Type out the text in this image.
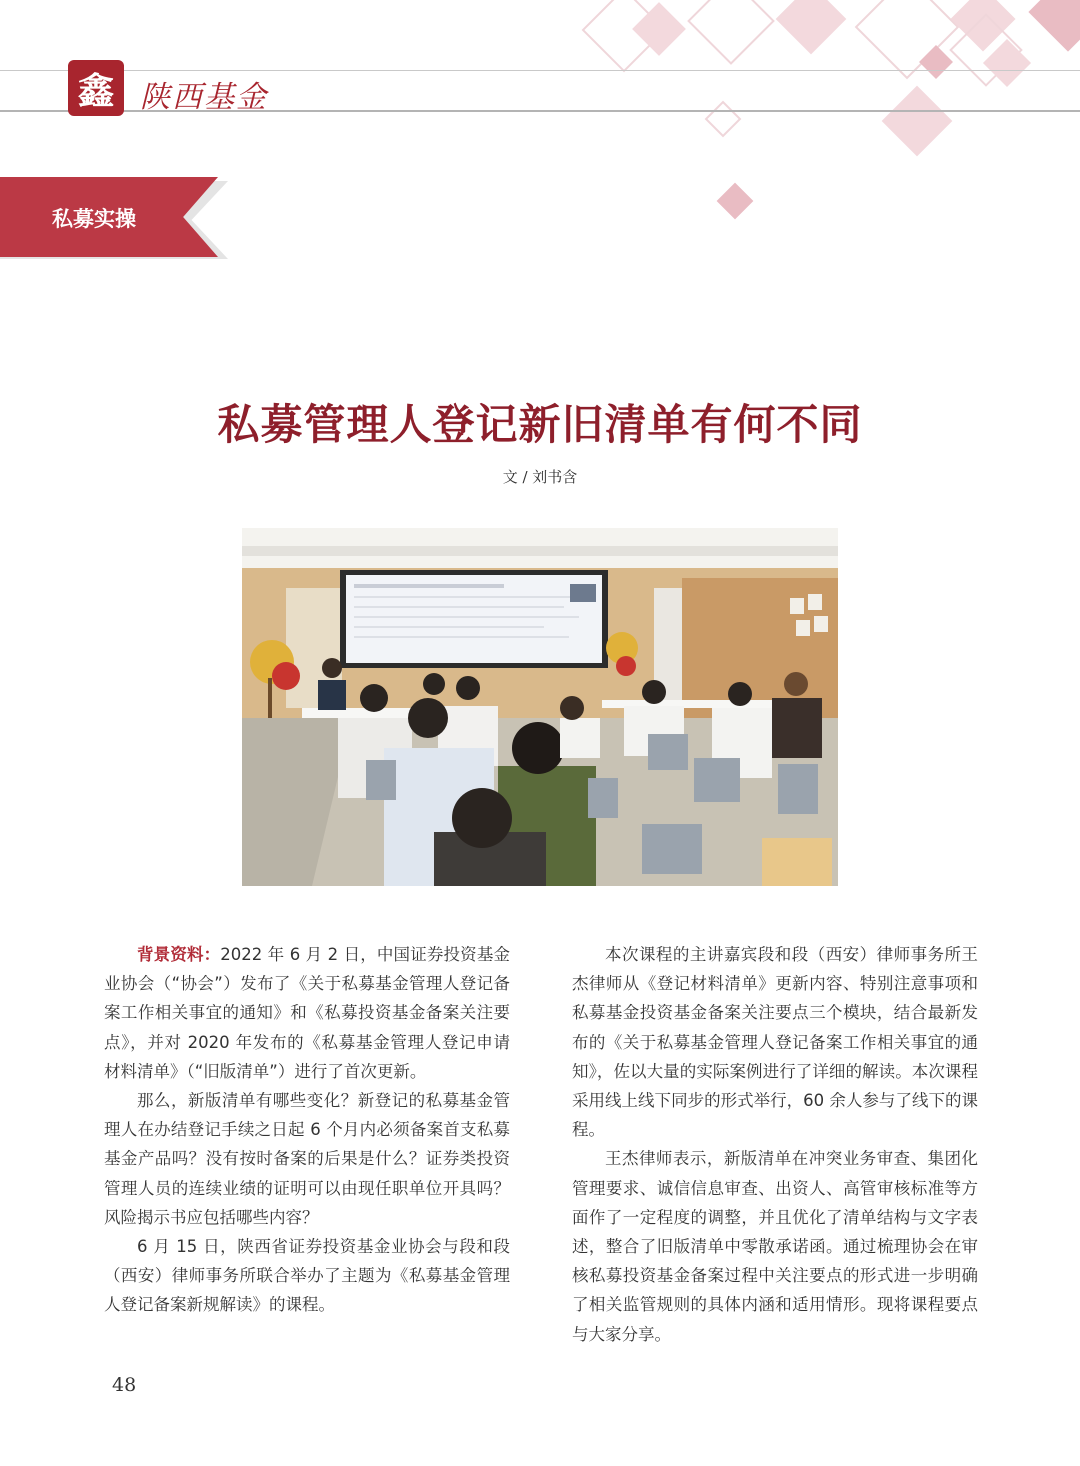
鑫 陕西基金
私募实操
私募管理人登记新旧清单有何不同
文 / 刘书含

背景资料：2022 年 6 月 2 日，中国证券投资基金业协会（“协会”）发布了《关于私募基金管理人登记备案工作相关事宜的通知》和《私募投资基金备案关注要点》，并对 2020 年发布的《私募基金管理人登记申请材料清单》（“旧版清单”）进行了首次更新。

那么，新版清单有哪些变化？新登记的私募基金管理人在办结登记手续之日起 6 个月内必须备案首支私募基金产品吗？没有按时备案的后果是什么？证券类投资管理人员的连续业绩的证明可以由现任职单位开具吗？风险揭示书应包括哪些内容？

6 月 15 日，陕西省证券投资基金业协会与段和段（西安）律师事务所联合举办了主题为《私募基金管理人登记备案新规解读》的课程。

本次课程的主讲嘉宾段和段（西安）律师事务所王杰律师从《登记材料清单》更新内容、特别注意事项和私募基金投资基金备案关注要点三个模块，结合最新发布的《关于私募基金管理人登记备案工作相关事宜的通知》，佐以大量的实际案例进行了详细的解读。本次课程采用线上线下同步的形式举行，60 余人参与了线下的课程。

王杰律师表示，新版清单在冲突业务审查、集团化管理要求、诚信信息审查、出资人、高管审核标准等方面作了一定程度的调整，并且优化了清单结构与文字表述，整合了旧版清单中零散承诺函。通过梳理协会在审核私募投资基金备案过程中关注要点的形式进一步明确了相关监管规则的具体内涵和适用情形。现将课程要点与大家分享。

48
